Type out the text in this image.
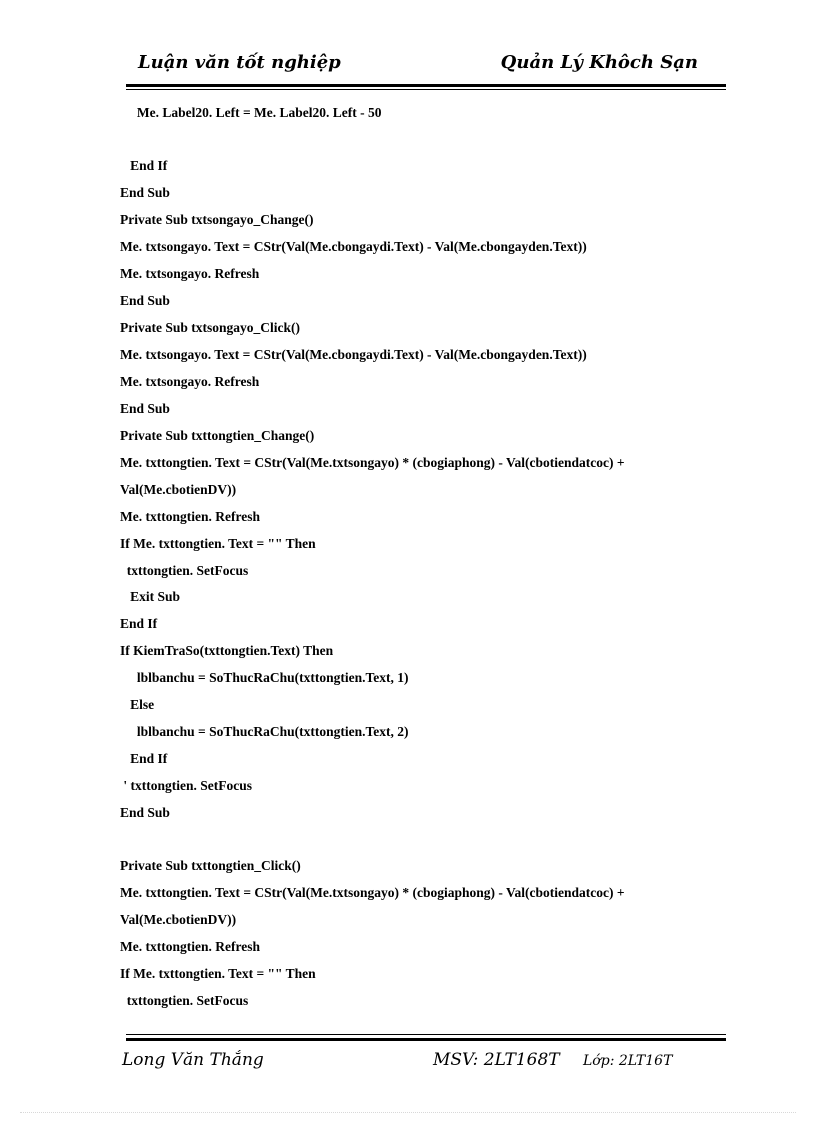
Luận văn tốt nghiệp	Quản Lý Khôch Sạn
Me. Label20. Left = Me. Label20. Left - 50
End If
End Sub
Private Sub txtsongayo_Change()
Me. txtsongayo. Text = CStr(Val(Me.cbongaydi.Text) - Val(Me.cbongayden.Text))
Me. txtsongayo. Refresh
End Sub
Private Sub txtsongayo_Click()
Me. txtsongayo. Text = CStr(Val(Me.cbongaydi.Text) - Val(Me.cbongayden.Text))
Me. txtsongayo. Refresh
End Sub
Private Sub txttongtien_Change()
Me. txttongtien. Text = CStr(Val(Me.txtsongayo) * (cbogiaphong) - Val(cbotiendatcoc) +
Val(Me.cbotienDV))
Me. txttongtien. Refresh
If Me. txttongtien. Text = "" Then
txttongtien. SetFocus
Exit Sub
End If
If KiemTraSo(txttongtien.Text) Then
lblbanchu = SoThucRaChu(txttongtien.Text, 1)
Else
lblbanchu = SoThucRaChu(txttongtien.Text, 2)
End If
' txttongtien. SetFocus
End Sub
Private Sub txttongtien_Click()
Me. txttongtien. Text = CStr(Val(Me.txtsongayo) * (cbogiaphong) - Val(cbotiendatcoc) +
Val(Me.cbotienDV))
Me. txttongtien. Refresh
If Me. txttongtien. Text = "" Then
txttongtien. SetFocus
Long Văn Thắng	MSV: 2LT168T Lớp: 2LT16T
